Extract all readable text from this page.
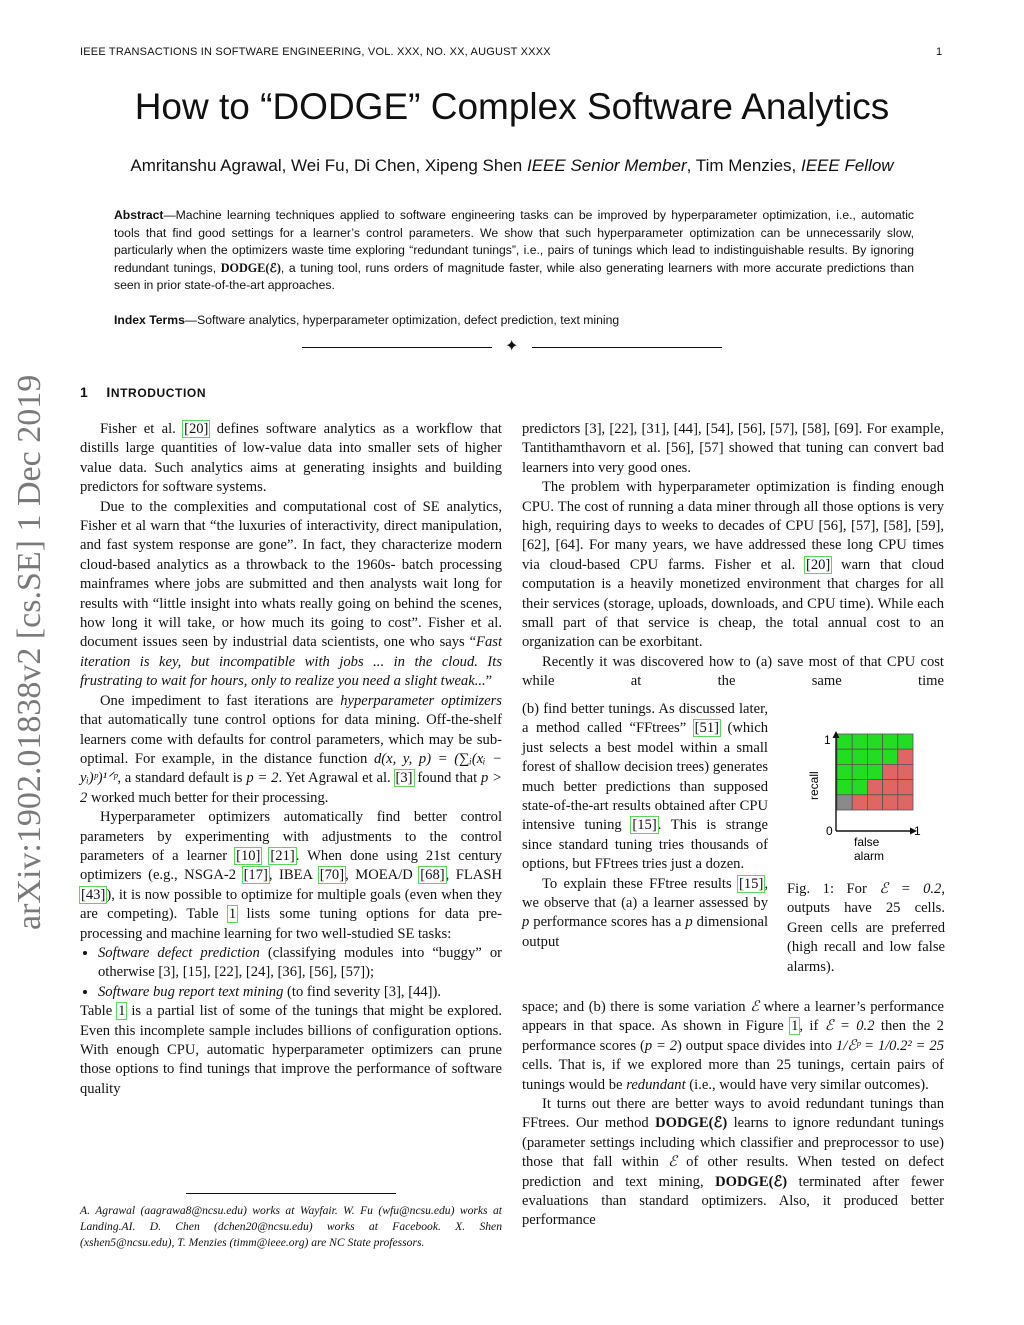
IEEE TRANSACTIONS IN SOFTWARE ENGINEERING, VOL. XXX, NO. XX, AUGUST XXXX	1
How to “DODGE” Complex Software Analytics
Amritanshu Agrawal, Wei Fu, Di Chen, Xipeng Shen IEEE Senior Member, Tim Menzies, IEEE Fellow
Abstract—Machine learning techniques applied to software engineering tasks can be improved by hyperparameter optimization, i.e., automatic tools that find good settings for a learner’s control parameters. We show that such hyperparameter optimization can be unnecessarily slow, particularly when the optimizers waste time exploring “redundant tunings”, i.e., pairs of tunings which lead to indistinguishable results. By ignoring redundant tunings, DODGE(ℰ), a tuning tool, runs orders of magnitude faster, while also generating learners with more accurate predictions than seen in prior state-of-the-art approaches.
Index Terms—Software analytics, hyperparameter optimization, defect prediction, text mining
✦
arXiv:1902.01838v2 [cs.SE] 1 Dec 2019 1 INTRODUCTION

Fisher et al. [20] defines software analytics as a workflow that distills large quantities of low-value data into smaller sets of higher value data. Such analytics aims at generating insights and building predictors for software systems.

Due to the complexities and computational cost of SE analytics, Fisher et al warn that “the luxuries of interactivity, direct manipulation, and fast system response are gone”. In fact, they characterize modern cloud-based analytics as a throwback to the 1960s- batch processing mainframes where jobs are submitted and then analysts wait long for results with “little insight into whats really going on behind the scenes, how long it will take, or how much its going to cost”. Fisher et al. document issues seen by industrial data scientists, one who says “Fast iteration is key, but incompatible with jobs ... in the cloud. Its frustrating to wait for hours, only to realize you need a slight tweak...”

One impediment to fast iterations are hyperparameter optimizers that automatically tune control options for data mining. Off-the-shelf learners come with defaults for control parameters, which may be sub-optimal. For example, in the distance function d(x, y, p) = (∑ᵢ(xᵢ − yᵢ)ᵖ)¹ᐟᵖ, a standard default is p = 2. Yet Agrawal et al. [3] found that p > 2 worked much better for their processing.

Hyperparameter optimizers automatically find better control parameters by experimenting with adjustments to the control parameters of a learner [10] [21]. When done using 21st century optimizers (e.g., NSGA-2 [17], IBEA [70], MOEA/D [68], FLASH [43]), it is now possible to optimize for multiple goals (even when they are competing). Table 1 lists some tuning options for data pre-processing and machine learning for two well-studied SE tasks:

• Software defect prediction (classifying modules into “buggy” or otherwise [3], [15], [22], [24], [36], [56], [57]);
• Software bug report text mining (to find severity [3], [44]).

Table 1 is a partial list of some of the tunings that might be explored. Even this incomplete sample includes billions of configuration options. With enough CPU, automatic hyperparameter optimizers can prune those options to find tunings that improve the performance of software quality

A. Agrawal (aagrawa8@ncsu.edu) works at Wayfair. W. Fu (wfu@ncsu.edu) works at Landing.AI. D. Chen (dchen20@ncsu.edu) works at Facebook. X. Shen (xshen5@ncsu.edu), T. Menzies (timm@ieee.org) are NC State professors.

predictors [3], [22], [31], [44], [54], [56], [57], [58], [69]. For example, Tantithamthavorn et al. [56], [57] showed that tuning can convert bad learners into very good ones.

The problem with hyperparameter optimization is finding enough CPU. The cost of running a data miner through all those options is very high, requiring days to weeks to decades of CPU [56], [57], [58], [59], [62], [64]. For many years, we have addressed these long CPU times via cloud-based CPU farms. Fisher et al. [20] warn that cloud computation is a heavily monetized environment that charges for all their services (storage, uploads, downloads, and CPU time). While each small part of that service is cheap, the total annual cost to an organization can be exorbitant.

Recently it was discovered how to (a) save most of that CPU cost while at the same time

(b) find better tunings. As discussed later, a method called “FFtrees” [51] (which just selects a best model within a small forest of shallow decision trees) generates much better predictions than supposed state-of-the-art results obtained after CPU intensive tuning [15]. This is strange since standard tuning tries thousands of options, but FFtrees tries just a dozen.

To explain these FFtree results [15], we observe that (a) a learner assessed by p performance scores has a p dimensional output

0	1
1
recall
false
alarm
Fig. 1: For ℰ = 0.2, outputs have 25 cells. Green cells are preferred (high recall and low false alarms).

space; and (b) there is some variation ℰ where a learner’s performance appears in that space. As shown in Figure 1, if ℰ = 0.2 then the 2 performance scores (p = 2) output space divides into 1/ℰᵖ = 1/0.2² = 25 cells. That is, if we explored more than 25 tunings, certain pairs of tunings would be redundant (i.e., would have very similar outcomes).

It turns out there are better ways to avoid redundant tunings than FFtrees. Our method DODGE(ℰ) learns to ignore redundant tunings (parameter settings including which classifier and preprocessor to use) those that fall within ℰ of other results. When tested on defect prediction and text mining, DODGE(ℰ) terminated after fewer evaluations than standard optimizers. Also, it produced better performance
